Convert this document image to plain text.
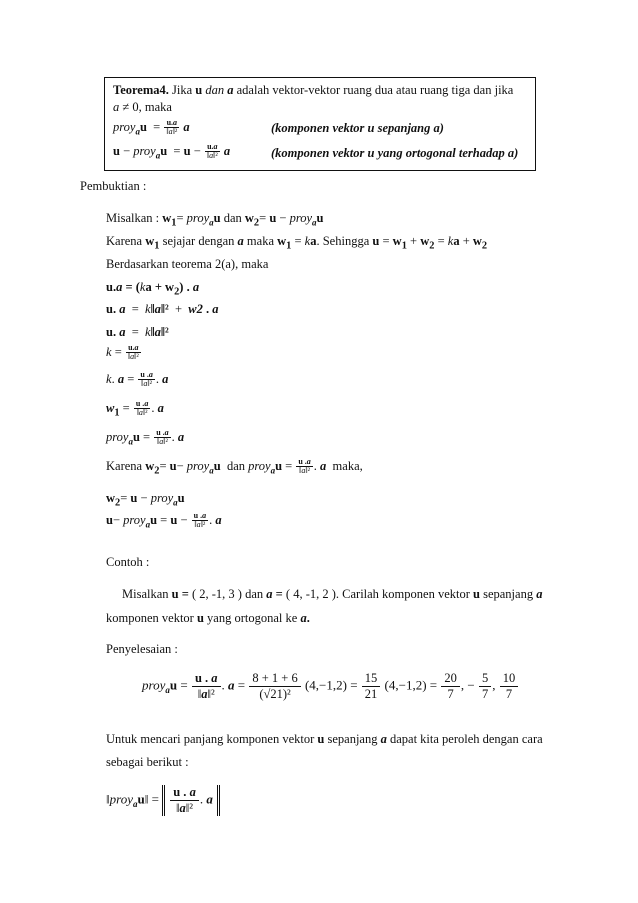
Teorema4. Jika u dan a adalah vektor-vektor ruang dua atau ruang tiga dan jika
a ≠ 0, maka
proy$_a$u  = $\frac{u.a}{\text{‖a‖²}}$ a	(komponen vektor u sepanjang a)
u − proy$_a$u  = $u - \frac{u.a}{\text{‖a‖²}}$ a	(komponen vektor u yang ortogonal terhadap a)
Pembuktian :
Misalkan : $w_1=$ proy$_a$u dan $w_2= u$ − proy$_a$u
Karena $w_1$ sejajar dengan a maka $w_1$ = ka. Sehingga $u = w_1 + w_2$ = ka + $w_2$
Berdasarkan teorema 2(a), maka
$u.a = (ka + w_2)$ . a
u. a  =  k‖a‖²  +  w2 . a
u. a  =  k‖a‖²
$k = \frac{u.a}{\text{‖a‖²}}$
k. $a = \frac{u .a}{\text{‖a‖²}}$ . a
$w_1 = \frac{u .a}{\text{‖a‖²}}$ . a
proy$_a$u = $\frac{u .a}{\text{‖a‖²}}$ . a
Karena $w_2= u-$ proy$_a$u  dan proy$_a$u = $\frac{u .a}{\text{‖a‖²}}$ . a  maka,
$w_2= u$ − proy$_a$u
u− proy$_a$u = $u - \frac{u .a}{\text{‖a‖²}}$ . a
Contoh :
Misalkan u = ( 2, -1, 3 ) dan a = ( 4, -1, 2 ). Carilah komponen vektor u sepanjang a
komponen vektor u yang ortogonal ke a.
Penyelesaian :
proy$_a$u = $\frac{u . a}{\text{‖a‖²}}$ . $a = \frac{8 + 1 + 6}{\text{(√21)²}} (4,-1,2) = \frac{15}{21} (4,-1,2) = \frac{20}{7}$ , − $\frac{5}{7}$ , $\frac{10}{7}$
Untuk mencari panjang komponen vektor u sepanjang a dapat kita peroleh dengan cara
sebagai berikut :
‖proy$_a$u‖ = $\frac{u . a}{\text{‖a‖²}}$ . a
